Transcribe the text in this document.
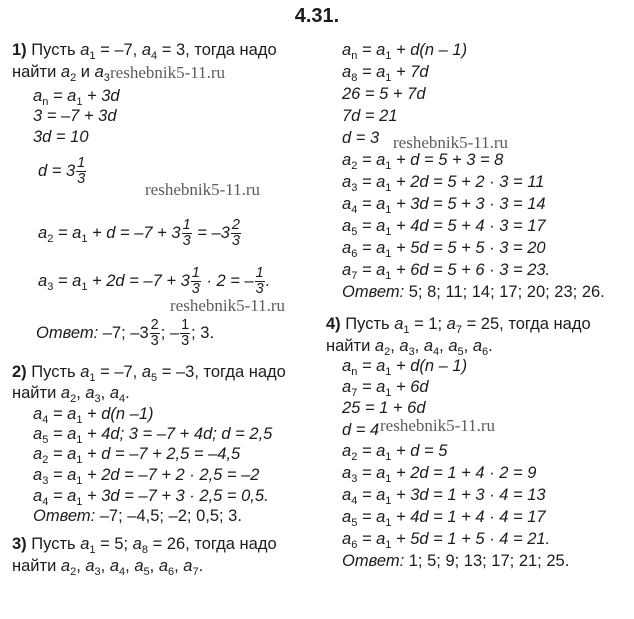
4.31.
1) Пусть $a_1 = -7$, $a_4 = 3$, тогда надо
найти $a_2$ и $a_3$
$a_n = a_1 + 3d$
3 = –7 + 3d
3d = 10
$d = 3 \frac{1}{3}$
$a_2 = a_1 + d = -7 + 3 \frac{1}{3} = -3 \frac{2}{3}$
$a_3 = a_1 + 2d = -7 + 3 \frac{1}{3} \cdot 2$ = – $\frac{1}{3}$ .
Ответ: –7; $-3 \frac{2}{3}$ ; – $\frac{1}{3}$ ; 3.
2) Пусть $a_1 = -7$, $a_5 = -3$, тогда надо
найти $a_2$, $a_3$, $a_4$.
$a_4 = a_1 + d(n$ –1)
$a_5 = a_1 + 4d$; 3 = –7 + 4d; d = 2,5
$a_2 = a_1 + d = -7 + 2,5 = -4,5$
$a_3 = a_1 + 2d = -7 + 2 \cdot 2,5 = -2$
$a_4 = a_1 + 3d = -7 + 3 \cdot 2,5 = 0,5$.
Ответ: –7; –4,5; –2; 0,5; 3.
3) Пусть $a_1 = 5$; $a_8 = 26$, тогда надо
найти $a_2$, $a_3$, $a_4$, $a_5$, $a_6$, $a_7$.
$a_n = a_1 + d(n - 1)$
$a_8 = a_1 + 7d$
26 = 5 + 7d
7d = 21
d = 3
$a_2 = a_1 + d = 5 + 3 = 8$
$a_3 = a_1 + 2d = 5 + 2 \cdot 3 = 11$
$a_4 = a_1 + 3d = 5 + 3 \cdot 3 = 14$
$a_5 = a_1 + 4d = 5 + 4 \cdot 3 = 17$
$a_6 = a_1 + 5d = 5 + 5 \cdot 3 = 20$
$a_7 = a_1 + 6d = 5 + 6 \cdot 3 = 23$.
Ответ: 5; 8; 11; 14; 17; 20; 23; 26.
4) Пусть $a_1 = 1$; $a_7 = 25$, тогда надо
найти $a_2$, $a_3$, $a_4$, $a_5$, $a_6$.
$a_n = a_1 + d(n - 1)$
$a_7 = a_1 + 6d$
25 = 1 + 6d
d = 4
$a_2 = a_1 + d = 5$
$a_3 = a_1 + 2d = 1 + 4 \cdot 2 = 9$
$a_4 = a_1 + 3d = 1 + 3 \cdot 4 = 13$
$a_5 = a_1 + 4d = 1 + 4 \cdot 4 = 17$
$a_6 = a_1 + 5d = 1 + 5 \cdot 4 = 21$.
Ответ: 1; 5; 9; 13; 17; 21; 25.
reshebnik5-11.ru
reshebnik5-11.ru
reshebnik5-11.ru
reshebnik5-11.ru
reshebnik5-11.ru
